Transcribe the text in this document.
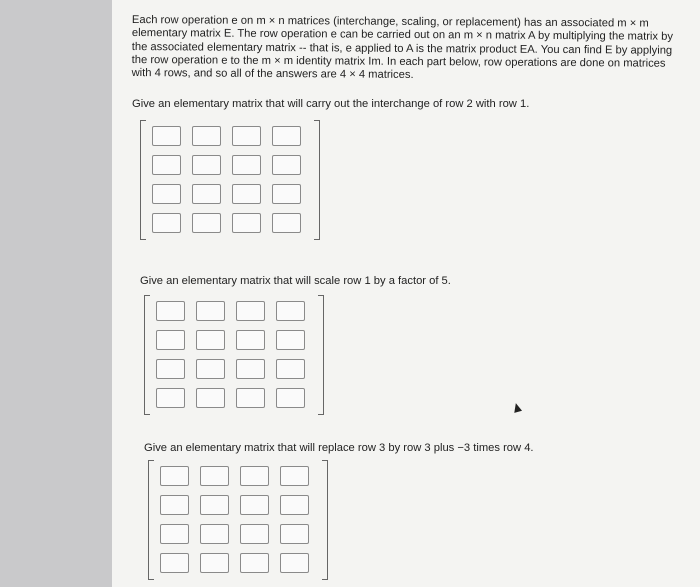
Each row operation e on m × n matrices (interchange, scaling, or replacement) has an associated m × m elementary matrix E. The row operation e can be carried out on an m × n matrix A by multiplying the matrix by the associated elementary matrix -- that is, e applied to A is the matrix product EA. You can find E by applying the row operation e to the m × m identity matrix Im. In each part below, row operations are done on matrices with 4 rows, and so all of the answers are 4 × 4 matrices.
Give an elementary matrix that will carry out the interchange of row 2 with row 1.
Give an elementary matrix that will scale row 1 by a factor of 5.
Give an elementary matrix that will replace row 3 by row 3 plus −3 times row 4.
